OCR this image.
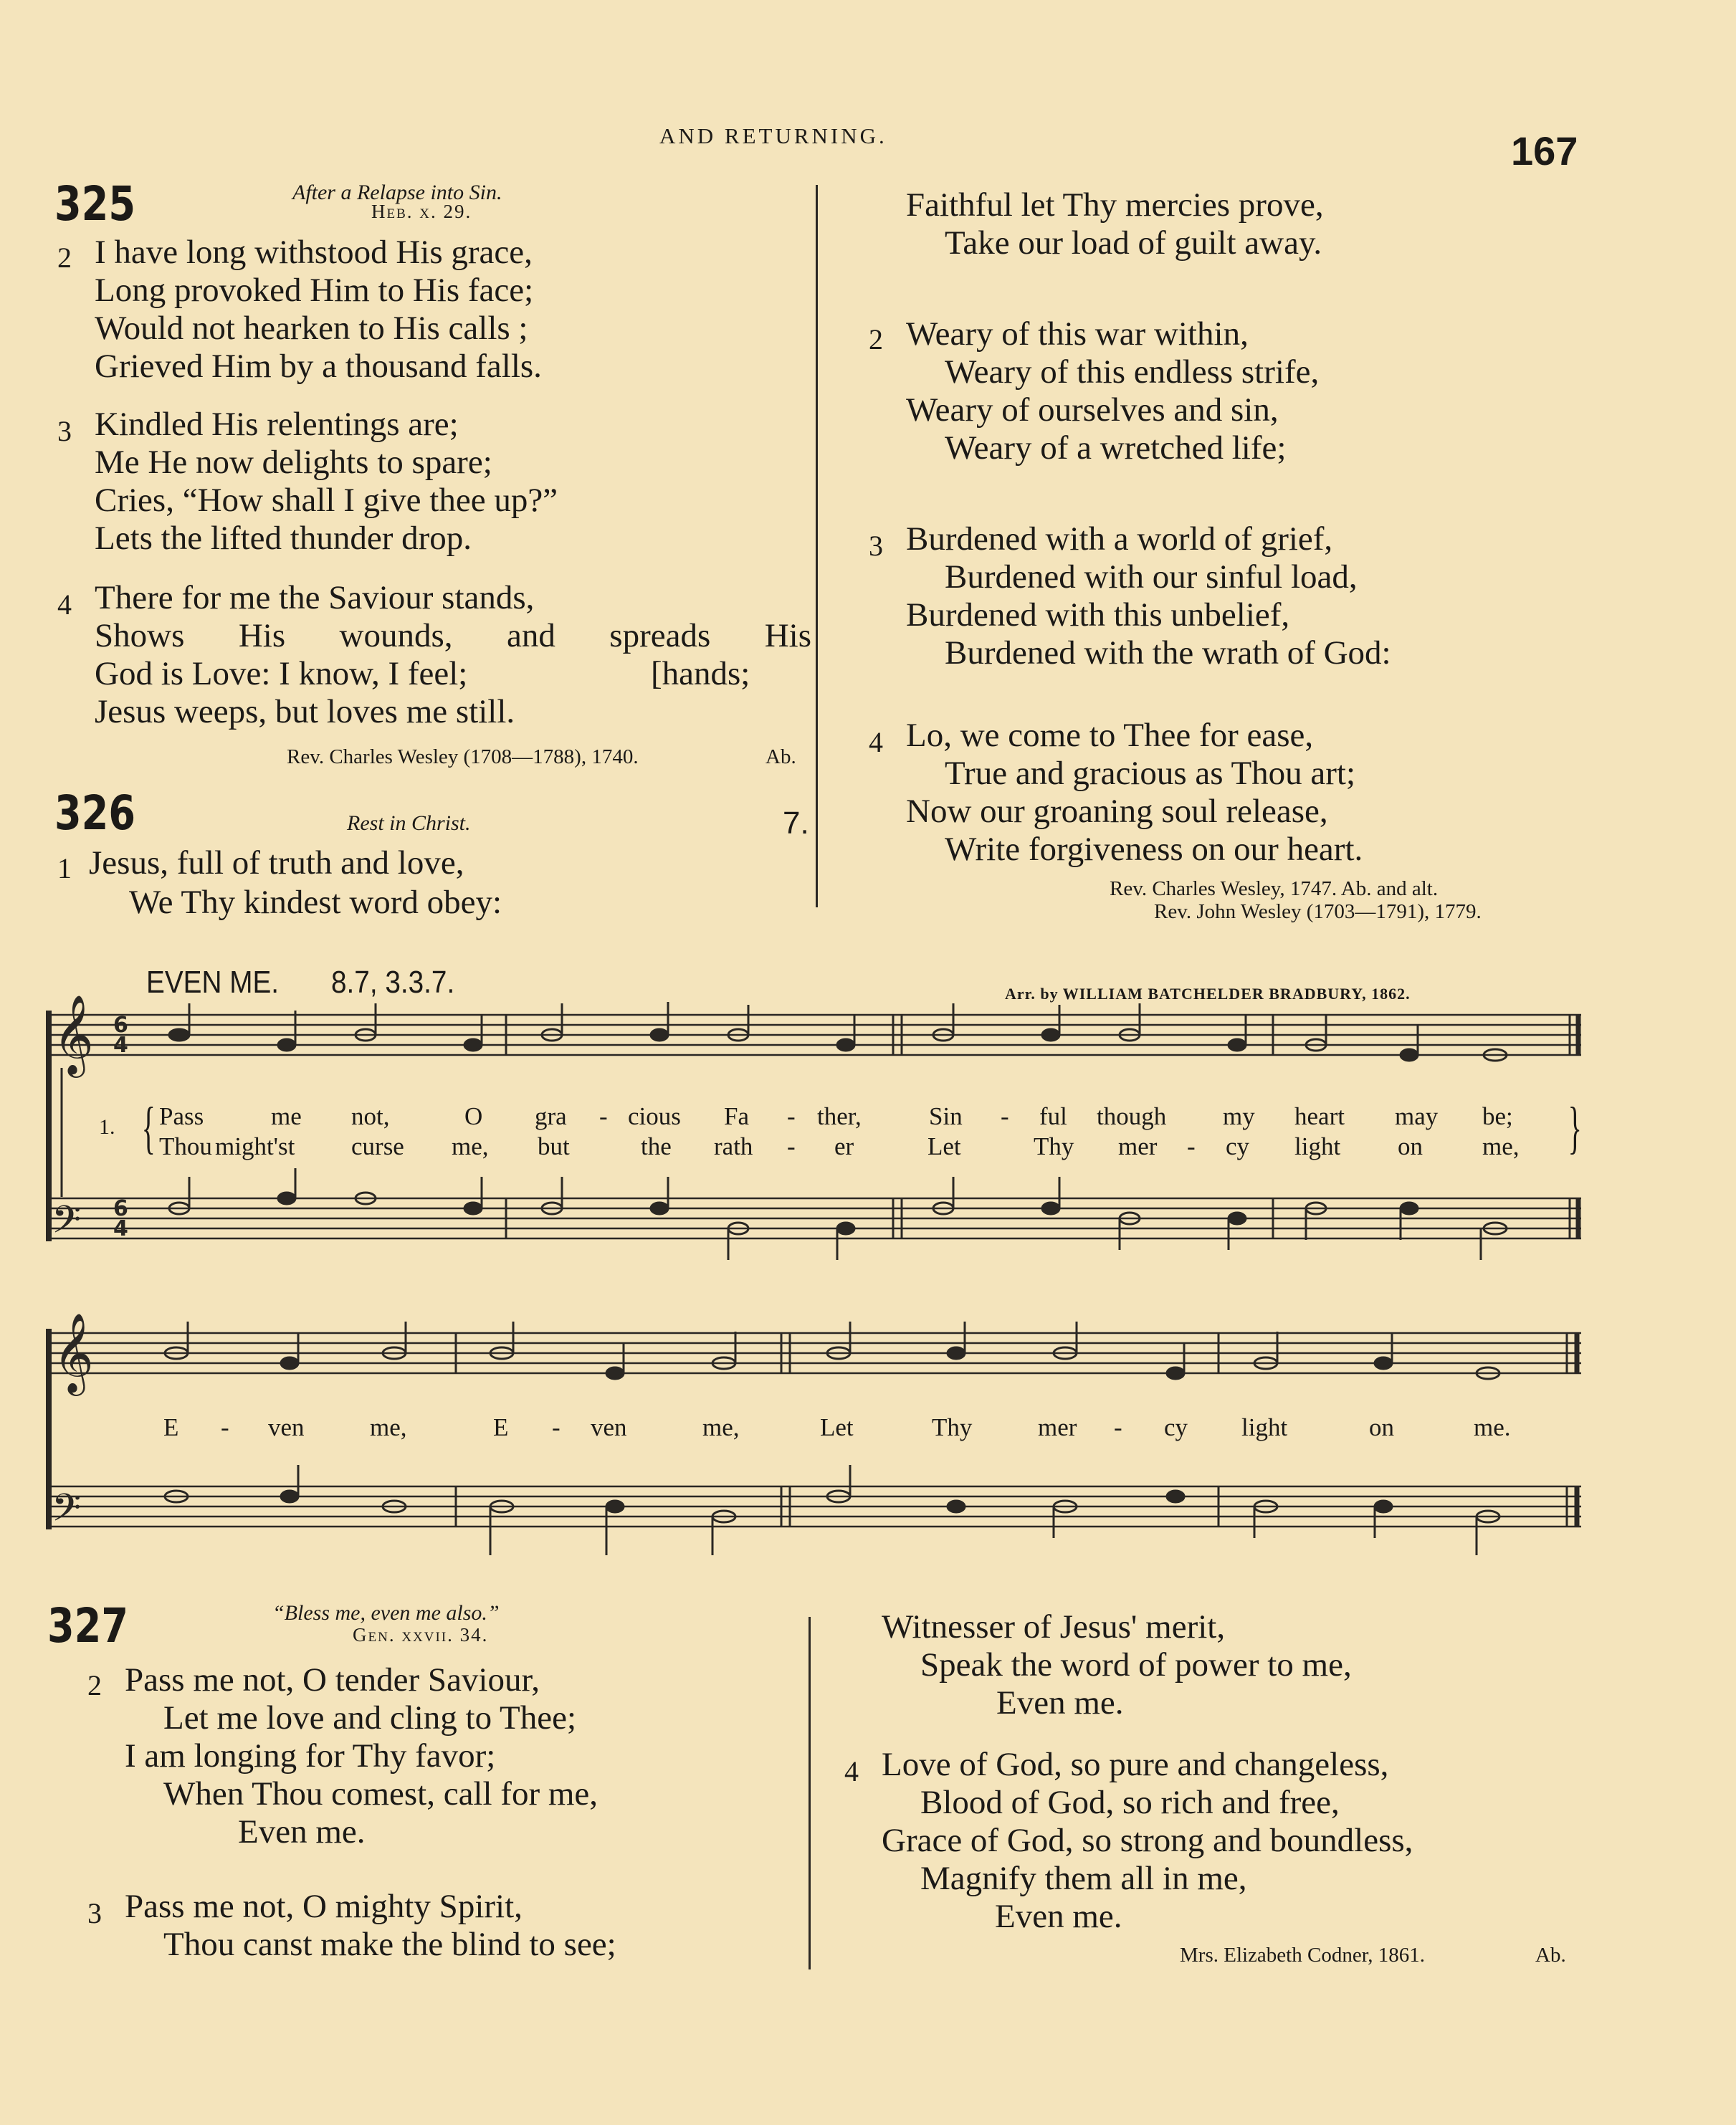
AND RETURNING.	167
325	After a Relapse into Sin.
Heb. x. 29.
2 I have long withstood His grace,
Long provoked Him to His face;
Would not hearken to His calls ;
Grieved Him by a thousand falls.
3 Kindled His relentings are;
Me He now delights to spare;
Cries, “How shall I give thee up?”
Lets the lifted thunder drop.
4 There for me the Saviour stands,
Shows His wounds, and spreads His
God is Love: I know, I feel;	[hands;
Jesus weeps, but loves me still.
Rev. Charles Wesley (1708—1788), 1740.	Ab.
326	Rest in Christ.	7.
1 Jesus, full of truth and love,
We Thy kindest word obey:
Faithful let Thy mercies prove,
Take our load of guilt away.
2 Weary of this war within,
Weary of this endless strife,
Weary of ourselves and sin,
Weary of a wretched life;
3 Burdened with a world of grief,
Burdened with our sinful load,
Burdened with this unbelief,
Burdened with the wrath of God:
4 Lo, we come to Thee for ease,
True and gracious as Thou art;
Now our groaning soul release,
Write forgiveness on our heart.
Rev. Charles Wesley, 1747. Ab. and alt.
Rev. John Wesley (1703—1791), 1779.
EVEN ME. 8.7, 3.3.7.	Arr. by WILLIAM BATCHELDER BRADBURY, 1862.
𝄞
𝄢
6
4
6
4
1. {	}
Pass	me not,	O gra - cious Fa - ther,	Sin - ful though my heart may be;
Thou might'st curse me, but	the rath - er	Let	Thy mer - cy light on me,
𝄞
𝄢
E - ven	me,	E - ven	me,	Let	Thy	mer - cy light	on	me.
327	“Bless me, even me also.”
Gen. xxvii. 34.
2 Pass me not, O tender Saviour,
Let me love and cling to Thee;
I am longing for Thy favor;
When Thou comest, call for me,
Even me.
3 Pass me not, O mighty Spirit,
Thou canst make the blind to see;
Witnesser of Jesus' merit,
Speak the word of power to me,
Even me.
4 Love of God, so pure and changeless,
Blood of God, so rich and free,
Grace of God, so strong and boundless,
Magnify them all in me,
Even me.
Mrs. Elizabeth Codner, 1861.	Ab.
